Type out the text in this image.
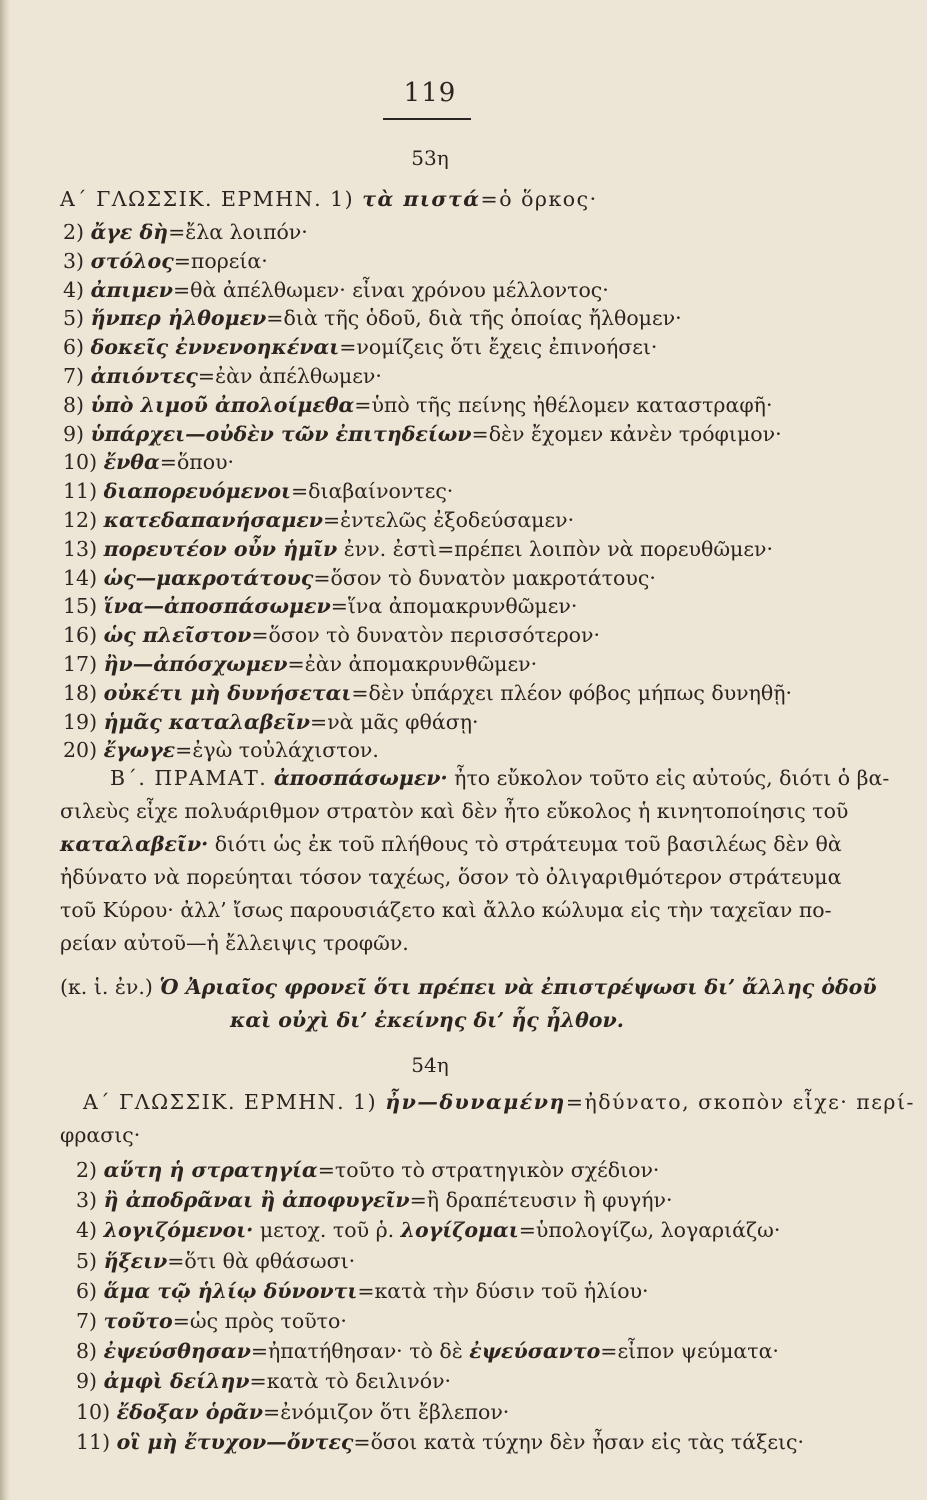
119
53η
Α΄ ΓΛΩΣΣΙΚ. ΕΡΜΗΝ. 1) τὰ πιστά=ὁ ὅρκος·
2) ἄγε δὴ=ἔλα λοιπόν·
3) στόλος=πορεία·
4) ἀπιμεν=θὰ ἀπέλθωμεν· εἶναι χρόνου μέλλοντος·
5) ἥνπερ ἠλθομεν=διὰ τῆς ὁδοῦ, διὰ τῆς ὁποίας ἤλθομεν·
6) δοκεῖς ἐννενοηκέναι=νομίζεις ὅτι ἔχεις ἐπινοήσει·
7) ἀπιόντες=ἐὰν ἀπέλθωμεν·
8) ὑπὸ λιμοῦ ἀπολοίμεθα=ὑπὸ τῆς πείνης ἠθέλομεν καταστραφῆ·
9) ὑπάρχει—οὐδὲν τῶν ἐπιτηδείων=δὲν ἔχομεν κἀνὲν τρόφιμον·
10) ἔνθα=ὅπου·
11) διαπορευόμενοι=διαβαίνοντες·
12) κατεδαπανήσαμεν=ἐντελῶς ἐξοδεύσαμεν·
13) πορευτέον οὖν ἡμῖν ἐνν. ἐστὶ=πρέπει λοιπὸν νὰ πορευθῶμεν·
14) ὡς—μακροτάτους=ὅσον τὸ δυνατὸν μακροτάτους·
15) ἵνα—ἀποσπάσωμεν=ἵνα ἀπομακρυνθῶμεν·
16) ὡς πλεῖστον=ὅσον τὸ δυνατὸν περισσότερον·
17) ἢν—ἀπόσχωμεν=ἐὰν ἀπομακρυνθῶμεν·
18) οὐκέτι μὴ δυνήσεται=δὲν ὑπάρχει πλέον φόβος μήπως δυνηθῇ·
19) ἡμᾶς καταλαβεῖν=νὰ μᾶς φθάσῃ·
20) ἔγωγε=ἐγὼ τοὐλάχιστον.
Β΄. ΠΡΑΜΑΤ. ἀποσπάσωμεν· ἦτο εὔκολον τοῦτο εἰς αὐτούς, διότι ὁ βα-
σιλεὺς εἶχε πολυάριθμον στρατὸν καὶ δὲν ἦτο εὔκολος ἡ κινητοποίησις τοῦ
καταλαβεῖν· διότι ὡς ἐκ τοῦ πλήθους τὸ στράτευμα τοῦ βασιλέως δὲν θὰ
ἠδύνατο νὰ πορεύηται τόσον ταχέως, ὅσον τὸ ὀλιγαριθμότερον στράτευμα
τοῦ Κύρου· ἀλλ’ ἴσως παρουσιάζετο καὶ ἄλλο κώλυμα εἰς τὴν ταχεῖαν πο-
ρείαν αὐτοῦ—ἡ ἔλλειψις τροφῶν.
(κ. ἱ. ἐν.) Ὁ Ἀριαῖος φρονεῖ ὅτι πρέπει νὰ ἐπιστρέψωσι δι’ ἄλλης ὁδοῦ
καὶ οὐχὶ δι’ ἐκείνης δι’ ἧς ἦλθον.
54η
Α΄ ΓΛΩΣΣΙΚ. ΕΡΜΗΝ. 1) ἦν—δυναμένη=ἠδύνατο, σκοπὸν εἶχε· περί-
φρασις·
2) αὕτη ἡ στρατηγία=τοῦτο τὸ στρατηγικὸν σχέδιον·
3) ἢ ἀποδρᾶναι ἢ ἀποφυγεῖν=ἢ δραπέτευσιν ἢ φυγήν·
4) λογιζόμενοι· μετοχ. τοῦ ῥ. λογίζομαι=ὑπολογίζω, λογαριάζω·
5) ἥξειν=ὅτι θὰ φθάσωσι·
6) ἅμα τῷ ἡλίῳ δύνοντι=κατὰ τὴν δύσιν τοῦ ἡλίου·
7) τοῦτο=ὡς πρὸς τοῦτο·
8) ἐψεύσθησαν=ἠπατήθησαν· τὸ δὲ ἐψεύσαντο=εἶπον ψεύματα·
9) ἀμφὶ δείλην=κατὰ τὸ δειλινόν·
10) ἔδοξαν ὁρᾶν=ἐνόμιζον ὅτι ἔβλεπον·
11) οἳ μὴ ἔτυχον—ὄντες=ὅσοι κατὰ τύχην δὲν ἦσαν εἰς τὰς τάξεις·
